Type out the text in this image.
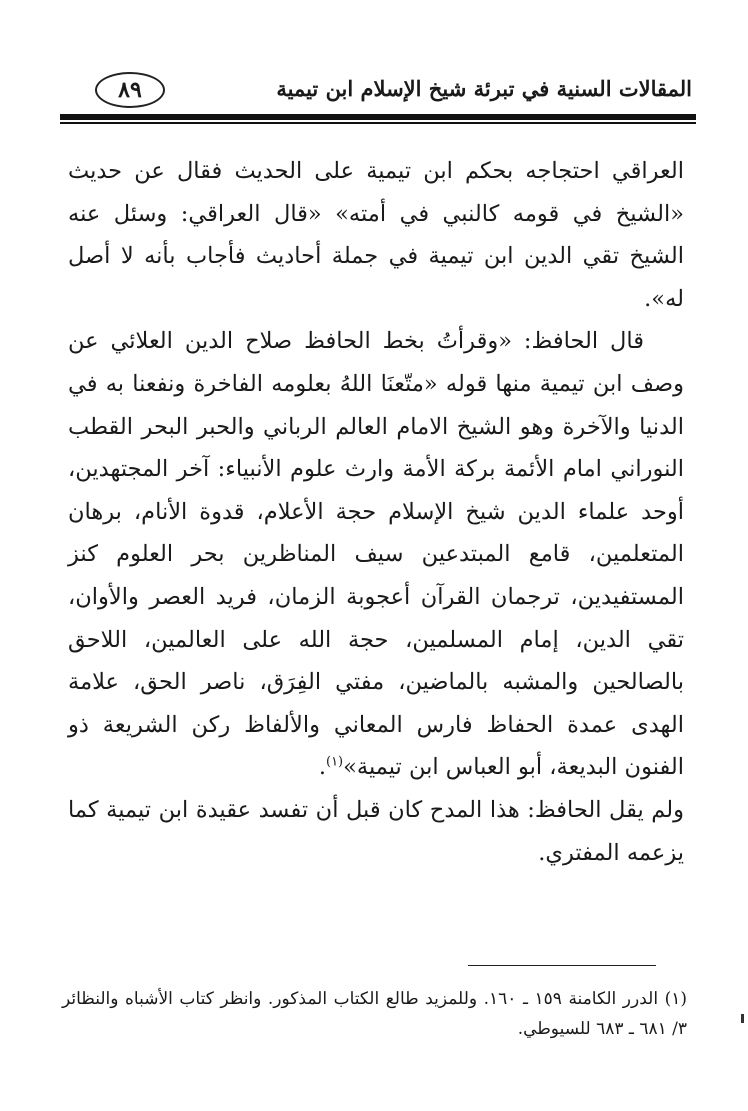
٨٩	المقالات السنية في تبرئة شيخ الإسلام ابن تيمية

العراقي احتجاجه بحكم ابن تيمية على الحديث فقال عن حديث «الشيخ في قومه كالنبي في أمته» «قال العراقي: وسئل عنه الشيخ تقي الدين ابن تيمية في جملة أحاديث فأجاب بأنه لا أصل له».

قال الحافظ: «وقرأتُ بخط الحافظ صلاح الدين العلائي عن وصف ابن تيمية منها قوله «متّعنَا اللهُ بعلومه الفاخرة ونفعنا به في الدنيا والآخرة وهو الشيخ الامام العالم الرباني والحبر البحر القطب النوراني امام الأئمة بركة الأمة وارث علوم الأنبياء: آخر المجتهدين، أوحد علماء الدين شيخ الإسلام حجة الأعلام، قدوة الأنام، برهان المتعلمين، قامع المبتدعين سيف المناظرين بحر العلوم كنز المستفيدين، ترجمان القرآن أعجوبة الزمان، فريد العصر والأوان، تقي الدين، إمام المسلمين، حجة الله على العالمين، اللاحق بالصالحين والمشبه بالماضين، مفتي الفِرَق، ناصر الحق، علامة الهدى عمدة الحفاظ فارس المعاني والألفاظ ركن الشريعة ذو الفنون البديعة، أبو العباس ابن تيمية»$^{(١)}$.

ولم يقل الحافظ: هذا المدح كان قبل أن تفسد عقيدة ابن تيمية كما يزعمه المفتري.

(١) الدرر الكامنة ١٥٩ ـ ١٦٠. وللمزيد طالع الكتاب المذكور. وانظر كتاب الأشباه والنظائر ٣/ ٦٨١ ـ ٦٨٣ للسيوطي.
